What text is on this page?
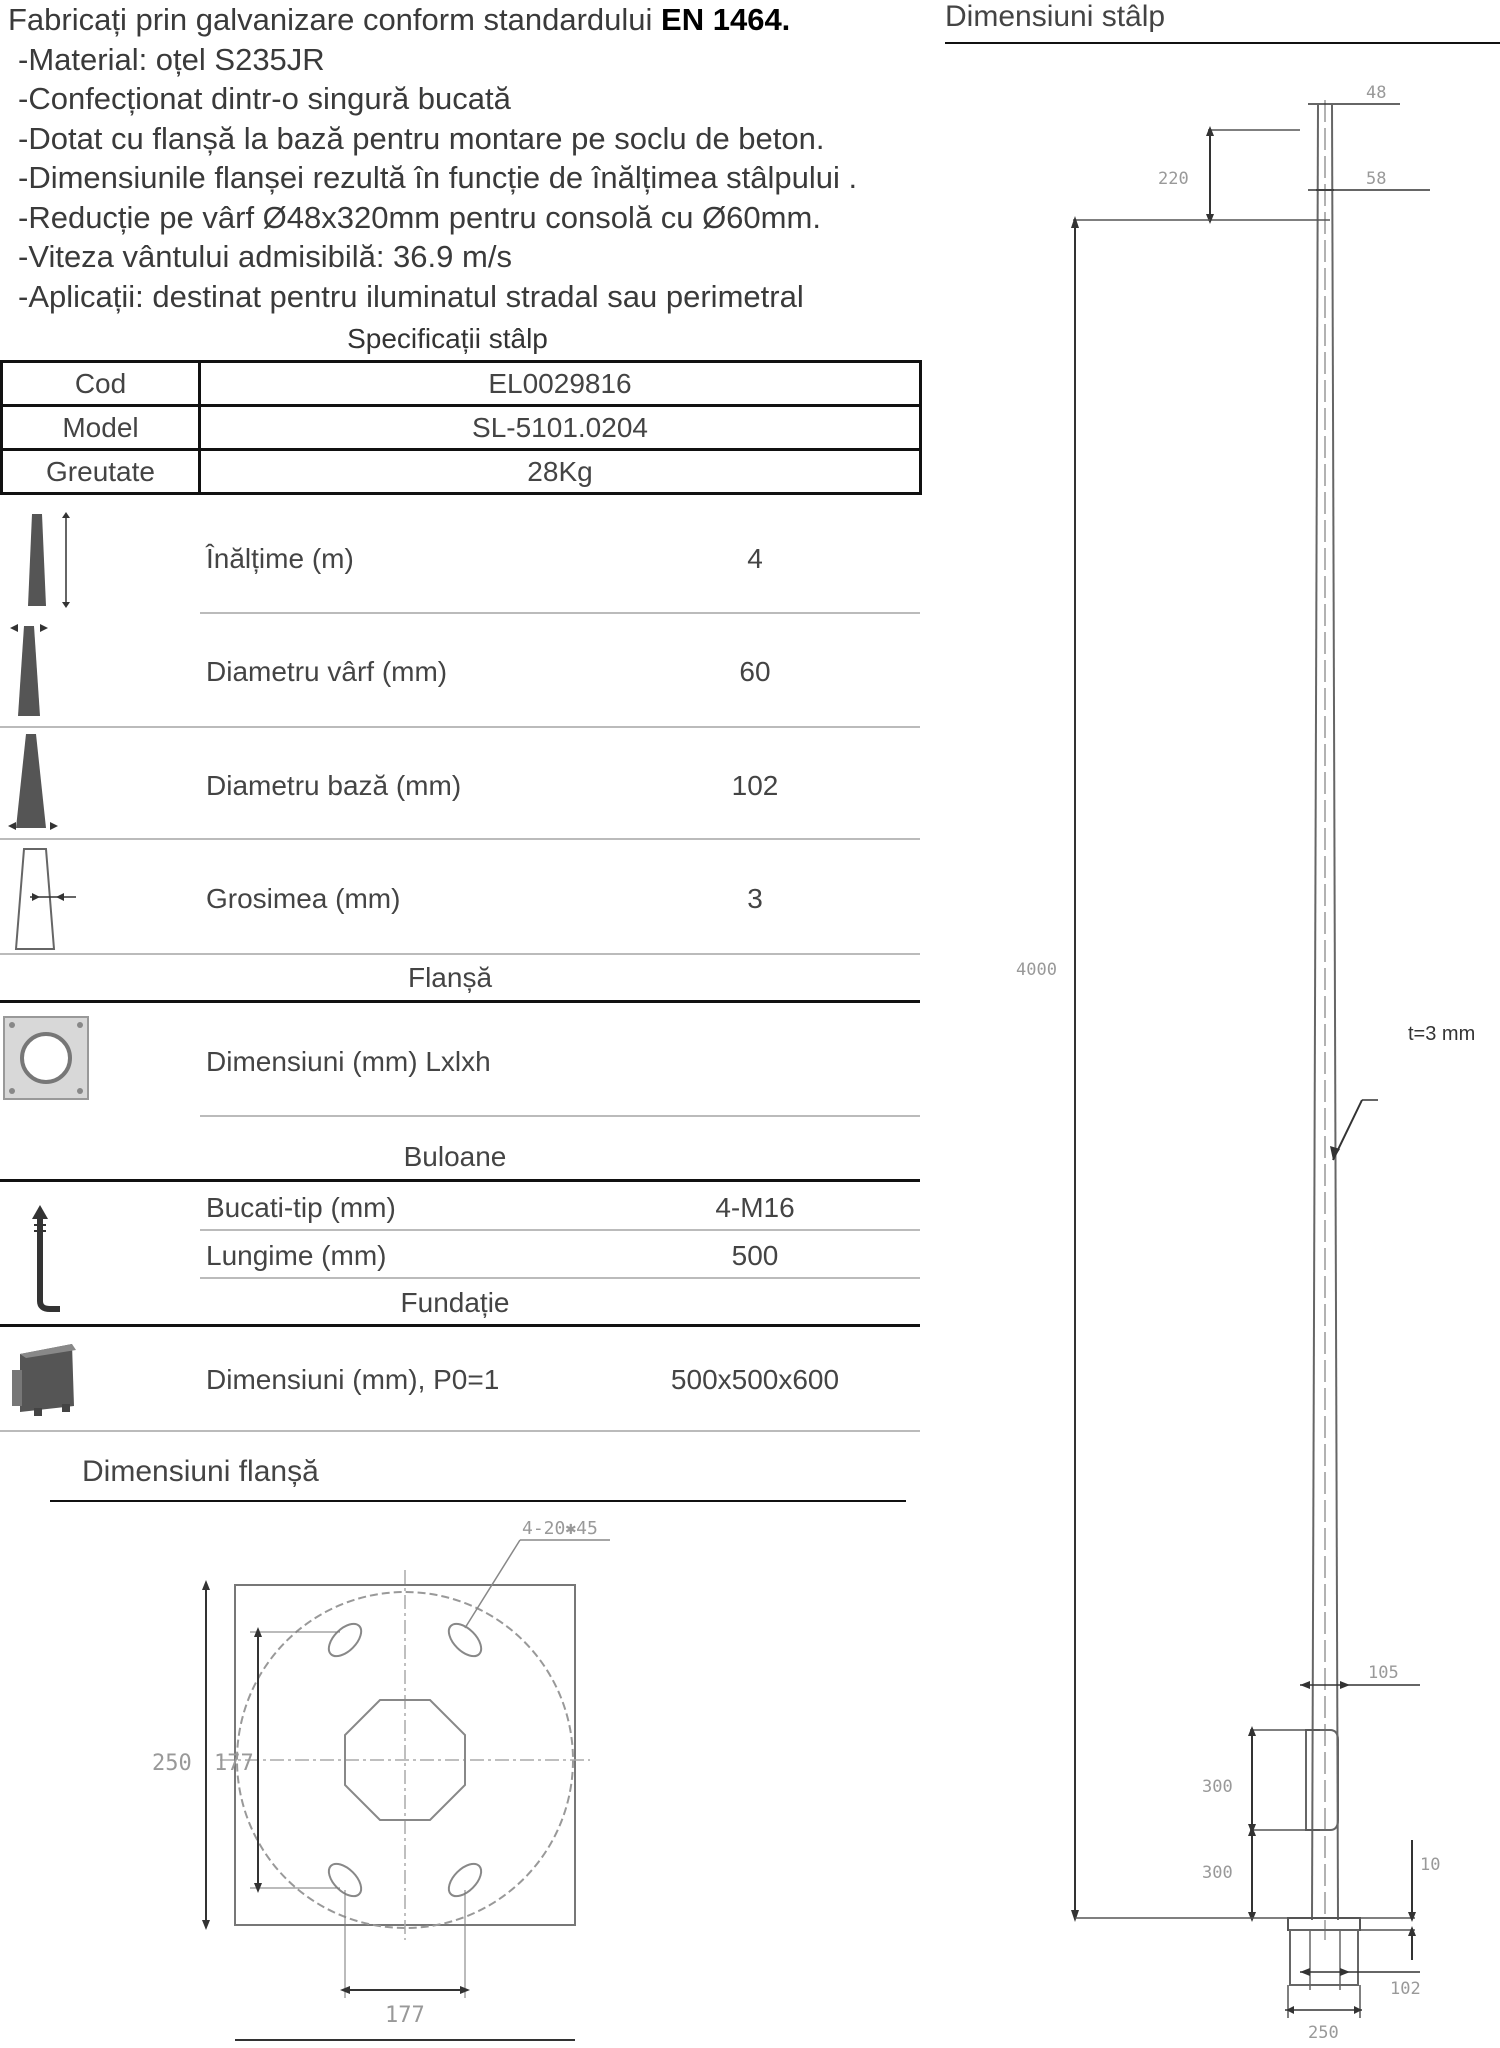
Fabricați prin galvanizare conform standardului EN 1464.
-Material: oțel S235JR
-Confecționat dintr-o singură bucată
-Dotat cu flanșă la bază pentru montare pe soclu de beton.
-Dimensiunile flanșei rezultă în funcție de înălțimea stâlpului .
-Reducție pe vârf Ø48x320mm pentru consolă cu Ø60mm.
-Viteza vântului admisibilă: 36.9 m/s
-Aplicații: destinat pentru iluminatul stradal sau perimetral
Specificații stâlp
Cod	EL0029816
Model	SL-5101.0204
Greutate	28Kg
Înălțime (m)	4
Diametru vârf (mm)	60
Diametru bază (mm)	102
Grosimea (mm)	3
Flanșă
Dimensiuni (mm) Lxlxh
Buloane
Bucati-tip (mm)	4-M16
Lungime (mm)	500
Fundație
Dimensiuni (mm), P0=1	500x500x600
Dimensiuni flanșă
4-20✱45
250 177
177
Dimensiuni stâlp
48
58
220
4000
t=3 mm
105
300
300	10
102
250
